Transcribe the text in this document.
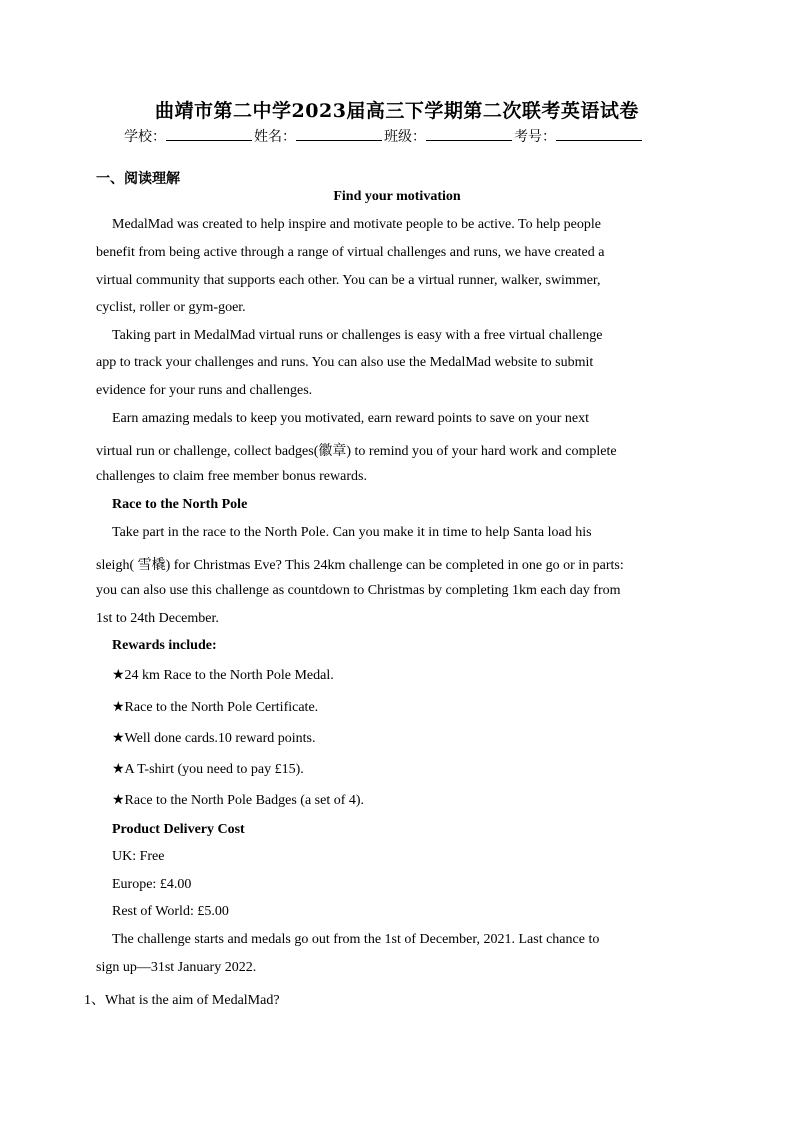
曲靖市第二中学2023届高三下学期第二次联考英语试卷
学校：	姓名：	班级：	考号：
一、阅读理解
Find your motivation
MedalMad was created to help inspire and motivate people to be active. To help people
benefit from being active through a range of virtual challenges and runs, we have created a
virtual community that supports each other. You can be a virtual runner, walker, swimmer,
cyclist, roller or gym-goer.
Taking part in MedalMad virtual runs or challenges is easy with a free virtual challenge
app to track your challenges and runs. You can also use the MedalMad website to submit
evidence for your runs and challenges.
Earn amazing medals to keep you motivated, earn reward points to save on your next
virtual run or challenge, collect badges(徽章) to remind you of your hard work and complete
challenges to claim free member bonus rewards.
Race to the North Pole
Take part in the race to the North Pole. Can you make it in time to help Santa load his
sleigh( 雪橇) for Christmas Eve? This 24km challenge can be completed in one go or in parts:
you can also use this challenge as countdown to Christmas by completing 1km each day from
1st to 24th December.
Rewards include:
★24 km Race to the North Pole Medal.
★Race to the North Pole Certificate.
★Well done cards.10 reward points.
★A T-shirt (you need to pay £15).
★Race to the North Pole Badges (a set of 4).
Product Delivery Cost
UK: Free
Europe: £4.00
Rest of World: £5.00
The challenge starts and medals go out from the 1st of December, 2021. Last chance to
sign up—31st January 2022.
1、What is the aim of MedalMad?
